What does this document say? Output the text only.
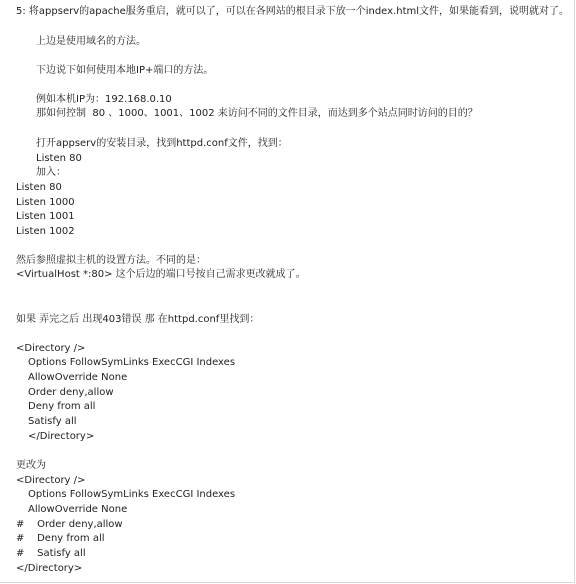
5: 将appserv的apache服务重启，就可以了，可以在各网站的根目录下放一个index.html文件，如果能看到，说明就对了。
上边是使用域名的方法。
下边说下如何使用本地IP+端口的方法。
例如本机IP为：192.168.0.10
那如何控制  80 、1000、1001、1002 来访问不同的文件目录，而达到多个站点同时访问的目的？
打开appserv的安装目录，找到httpd.conf文件，找到：
Listen 80
加入：
Listen 80
Listen 1000
Listen 1001
Listen 1002
然后参照虚拟主机的设置方法。不同的是：
<VirtualHost *:80> 这个后边的端口号按自己需求更改就成了。
如果 弄完之后 出现403错误 那 在httpd.conf里找到：
<Directory />
Options FollowSymLinks ExecCGI Indexes
AllowOverride None
Order deny,allow
Deny from all
Satisfy all
</Directory>
更改为
<Directory />
Options FollowSymLinks ExecCGI Indexes
AllowOverride None
#    Order deny,allow
#    Deny from all
#    Satisfy all
</Directory>
